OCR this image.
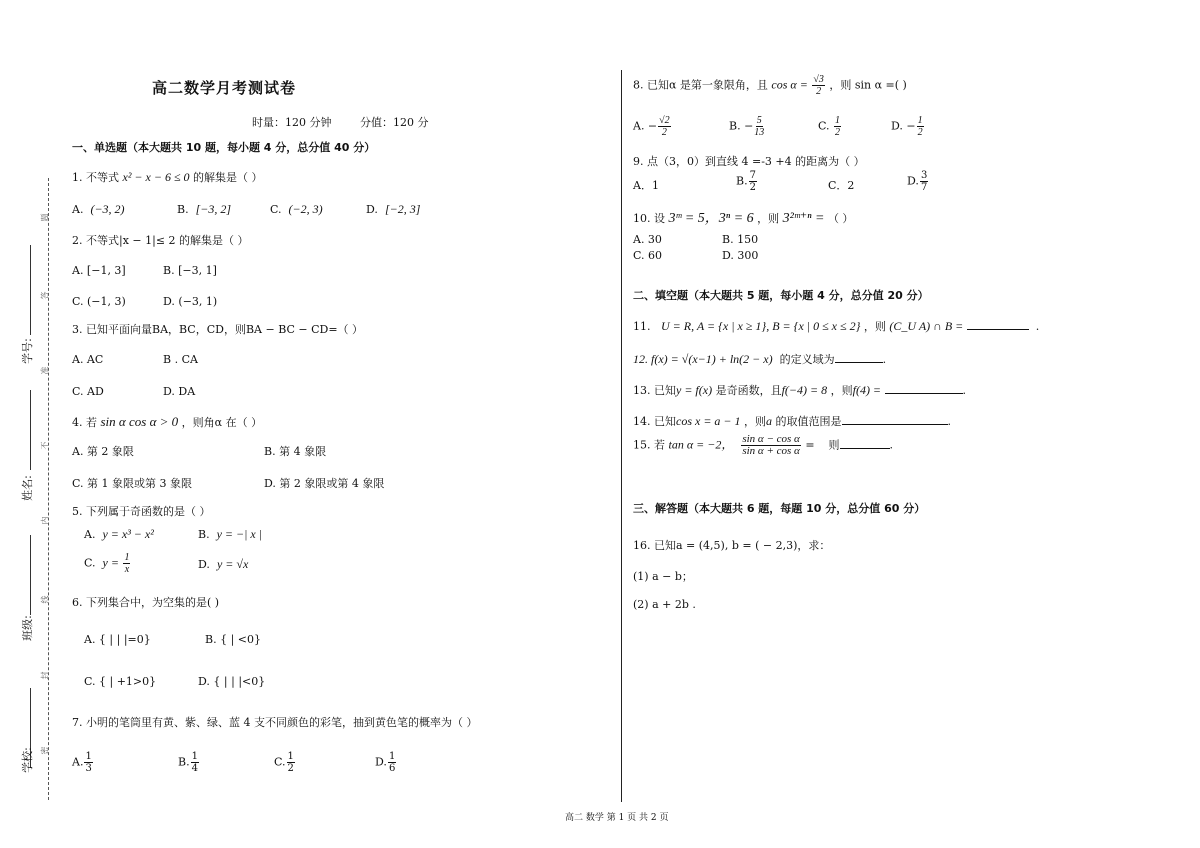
学校:
班级:
姓名:
学号:
题
答
准
不
内
线
封
密
高二数学月考测试卷
时量：120 分钟	分值：120 分
一、单选题（本大题共 10 题，每小题 4 分，总分值 40 分）
1. 不等式 x² − x − 6 ≤ 0 的解集是（ ）
A. (−3, 2)	B. [−3, 2]	C. (−2, 3)	D. [−2, 3]
2. 不等式|x − 1|≤ 2 的解集是（ ）
A. [−1, 3]	B. [−3, 1]
C. (−1, 3)	D. (−3, 1)
3. 已知平面向量BA，BC，CD，则BA − BC − CD=（ ）
A. AC	B . CA
C. AD	D. DA
4. 若 sin α cos α > 0 ，则角α 在（ ）
A. 第 2 象限	B. 第 4 象限
C. 第 1 象限或第 3 象限	D. 第 2 象限或第 4 象限
5. 下列属于奇函数的是（ ）
A. y = x³ − x²	B. y = −| x |
C. $y = \frac{1}{x}$	D. y = √x
6. 下列集合中，为空集的是( )
A. { | | |=0}	B. { | <0}
C. { | +1>0}	D. { | | |<0}
7. 小明的笔筒里有黄、紫、绿、蓝 4 支不同颜色的彩笔，抽到黄色笔的概率为（ ）
A. $\frac{1}{3}$	B. $\frac{1}{4}$	C. $\frac{1}{2}$	D. $\frac{1}{6}$
8. 已知α 是第一象限角，且 $\cos \alpha = \frac{√3}{2}$ ，则 sin α =( )
A. − $\frac{√2}{2}$	B. − $\frac{5}{13}$	C. $\frac{1}{2}$	D. − $\frac{1}{2}$
9. 点（3，0）到直线 4 =-3 +4 的距离为（ ）
A．1	B. $\frac{7}{2}$	C．2	D. $\frac{3}{7}$
10. 设 3ᵐ = 5，3ⁿ = 6 ，则 3²ᵐ⁺ⁿ = （ ）
A. 30	B. 150
C. 60	D. 300
二、填空题（本大题共 5 题，每小题 4 分，总分值 20 分）
11. U = R, A = {x | x ≥ 1}, B = {x | 0 ≤ x ≤ 2} ，则 (C_U A) ∩ B =	.
12. f(x) = √(x−1) + ln(2 − x) 的定义域为	.
13. 已知y = f(x) 是奇函数，且f(−4) = 8 ，则f(4) =	.
14. 已知cos x = a − 1 ，则a 的取值范围是	.
15. 若 tan α = −2， $\frac{\text{sin α − cos α}}{\text{sin α + cos α}}$ = 则	.
三、解答题（本大题共 6 题，每题 10 分，总分值 60 分）
16. 已知a = (4,5), b = ( − 2,3)，求：
(1) a − b；
(2) a + 2b .
高二 数学 第 1 页 共 2 页
